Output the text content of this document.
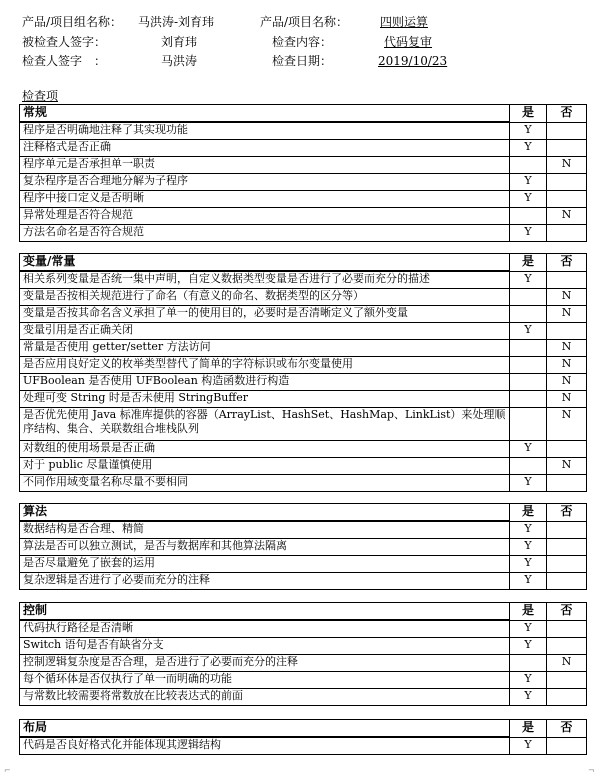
产品/项目组名称： 马洪涛-刘育玮	产品/项目名称：	四则运算
被检查人签字：	刘育玮	检查内容：	代码复审
检查人签字　：	马洪涛	检查日期：	2019/10/23
检查项
常规	是	否
程序是否明确地注释了其实现功能	Y	
注释格式是否正确	Y	
程序单元是否承担单一职责		N
复杂程序是否合理地分解为子程序	Y	
程序中接口定义是否明晰	Y	
异常处理是否符合规范		N
方法名命名是否符合规范	Y	
变量/常量	是	否
相关系列变量是否统一集中声明，自定义数据类型变量是否进行了必要而充分的描述	Y	
变量是否按相关规范进行了命名（有意义的命名、数据类型的区分等）		N
变量是否按其命名含义承担了单一的使用目的，必要时是否清晰定义了额外变量		N
变量引用是否正确关闭	Y	
常量是否使用 getter/setter 方法访问		N
是否应用良好定义的枚举类型替代了简单的字符标识或布尔变量使用		N
UFBoolean 是否使用 UFBoolean 构造函数进行构造		N
处理可变 String 时是否未使用 StringBuffer		N
是否优先使用 Java 标准库提供的容器（ArrayList、HashSet、HashMap、LinkList）来处理顺序结构、集合、关联数组合堆栈队列		N
对数组的使用场景是否正确	Y	
对于 public 尽量谨慎使用		N
不同作用域变量名称尽量不要相同	Y	
算法	是	否
数据结构是否合理、精简	Y	
算法是否可以独立测试，是否与数据库和其他算法隔离	Y	
是否尽量避免了嵌套的运用	Y	
复杂逻辑是否进行了必要而充分的注释	Y	
控制	是	否
代码执行路径是否清晰	Y	
Switch 语句是否有缺省分支	Y	
控制逻辑复杂度是否合理，是否进行了必要而充分的注释		N
每个循环体是否仅执行了单一而明确的功能	Y	
与常数比较需要将常数放在比较表达式的前面	Y	
布局	是	否
代码是否良好格式化并能体现其逻辑结构	Y	
⌐	¬
